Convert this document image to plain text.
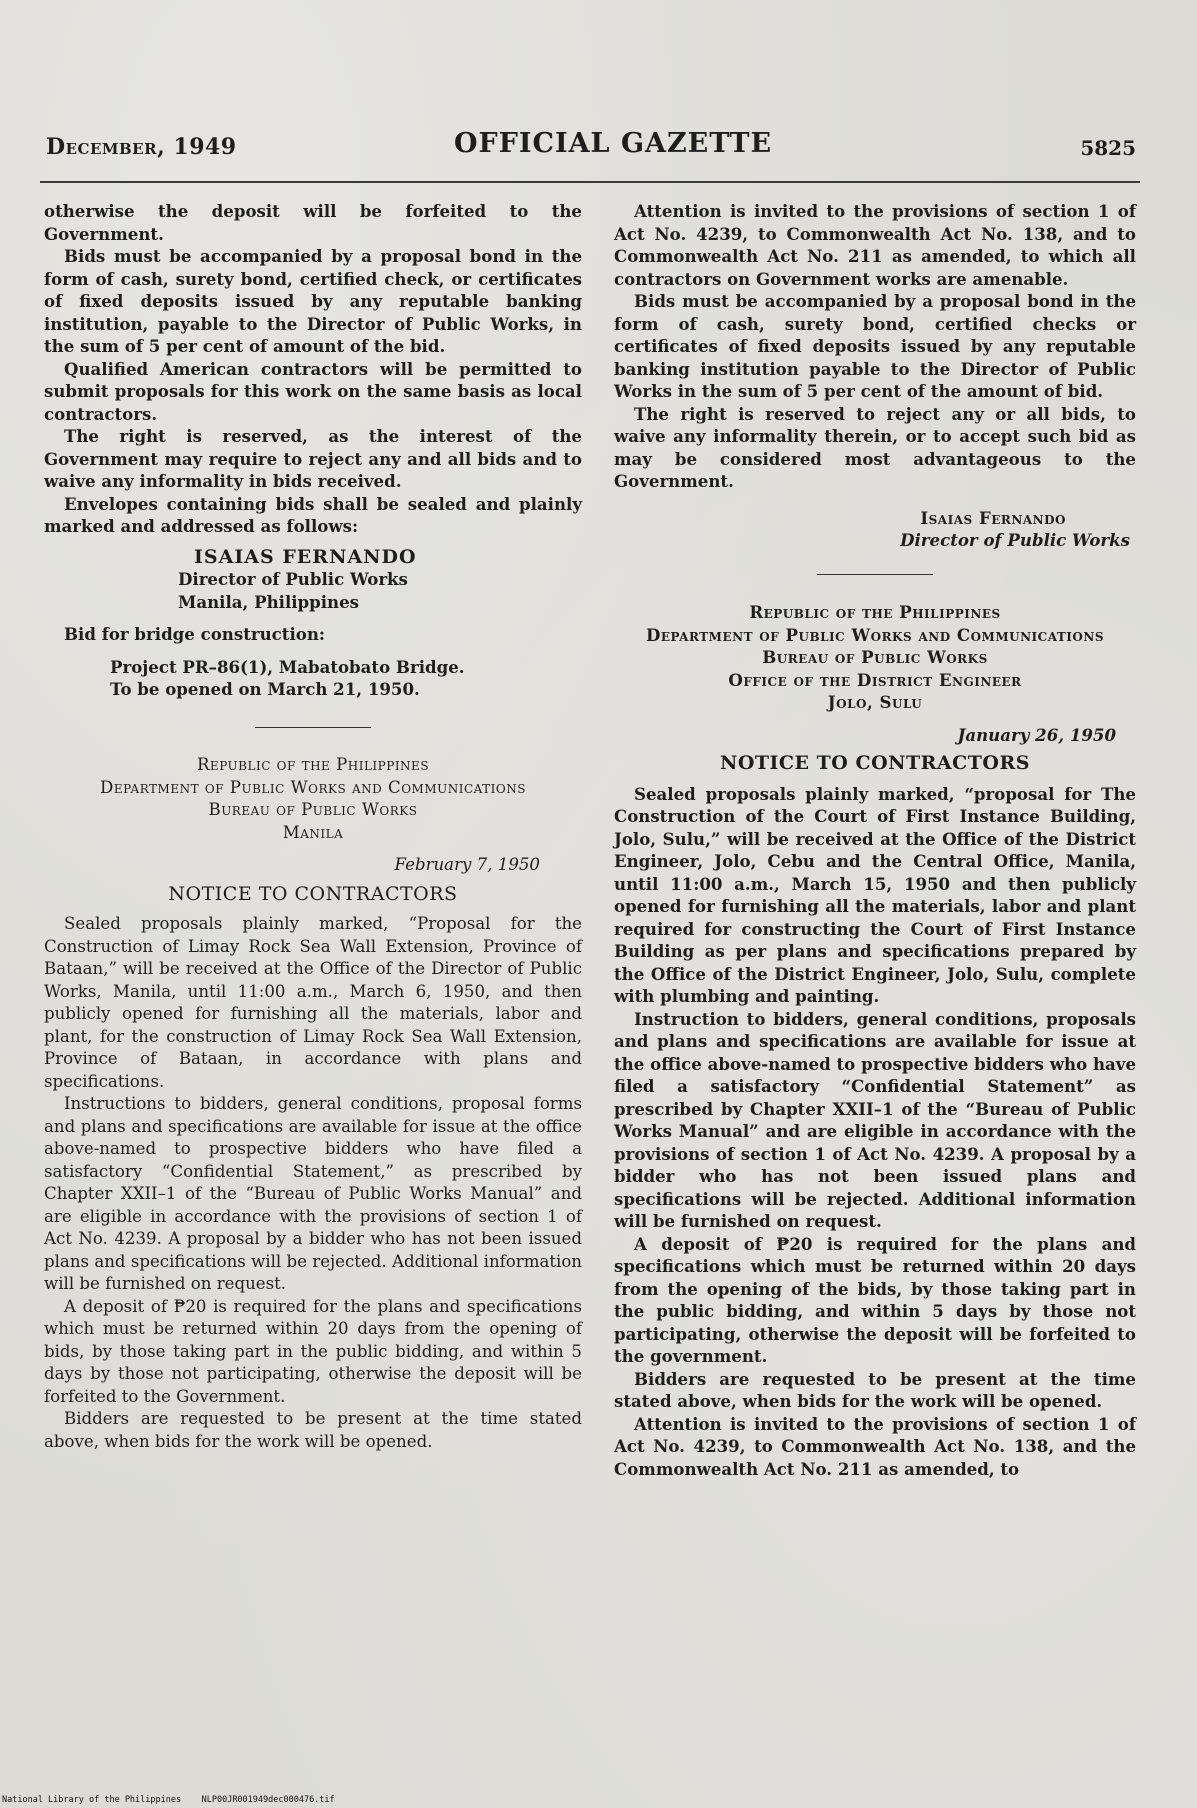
December, 1949	OFFICIAL GAZETTE	5825

otherwise the deposit will be forfeited to the Government.

Bids must be accompanied by a proposal bond in the form of cash, surety bond, certified check, or certificates of fixed deposits issued by any reputable banking institution, payable to the Director of Public Works, in the sum of 5 per cent of amount of the bid.

Qualified American contractors will be permitted to submit proposals for this work on the same basis as local contractors.

The right is reserved, as the interest of the Government may require to reject any and all bids and to waive any informality in bids received.

Envelopes containing bids shall be sealed and plainly marked and addressed as follows:

ISAIAS FERNANDO
Director of Public Works
Manila, Philippines

Bid for bridge construction:

Project PR–86(1), Mabatobato Bridge.

To be opened on March 21, 1950.

Republic of the Philippines
Department of Public Works and Communications
Bureau of Public Works
Manila
February 7, 1950
NOTICE TO CONTRACTORS

Sealed proposals plainly marked, “Proposal for the Construction of Limay Rock Sea Wall Extension, Province of Bataan,” will be received at the Office of the Director of Public Works, Manila, until 11:00 a.m., March 6, 1950, and then publicly opened for furnishing all the materials, labor and plant, for the construction of Limay Rock Sea Wall Extension, Province of Bataan, in accordance with plans and specifications.

Instructions to bidders, general conditions, proposal forms and plans and specifications are available for issue at the office above-named to prospective bidders who have filed a satisfactory “Confidential Statement,” as prescribed by Chapter XXII–1 of the “Bureau of Public Works Manual” and are eligible in accordance with the provisions of section 1 of Act No. 4239. A proposal by a bidder who has not been issued plans and specifications will be rejected. Additional information will be furnished on request.

A deposit of ₱20 is required for the plans and specifications which must be returned within 20 days from the opening of bids, by those taking part in the public bidding, and within 5 days by those not participating, otherwise the deposit will be forfeited to the Government.

Bidders are requested to be present at the time stated above, when bids for the work will be opened.

Attention is invited to the provisions of section 1 of Act No. 4239, to Commonwealth Act No. 138, and to Commonwealth Act No. 211 as amended, to which all contractors on Government works are amenable.

Bids must be accompanied by a proposal bond in the form of cash, surety bond, certified checks or certificates of fixed deposits issued by any reputable banking institution payable to the Director of Public Works in the sum of 5 per cent of the amount of bid.

The right is reserved to reject any or all bids, to waive any informality therein, or to accept such bid as may be considered most advantageous to the Government.

Isaias Fernando
Director of Public Works
Republic of the Philippines
Department of Public Works and Communications
Bureau of Public Works
Office of the District Engineer
Jolo, Sulu
January 26, 1950
NOTICE TO CONTRACTORS

Sealed proposals plainly marked, “proposal for The Construction of the Court of First Instance Building, Jolo, Sulu,” will be received at the Office of the District Engineer, Jolo, Cebu and the Central Office, Manila, until 11:00 a.m., March 15, 1950 and then publicly opened for furnishing all the materials, labor and plant required for constructing the Court of First Instance Building as per plans and specifications prepared by the Office of the District Engineer, Jolo, Sulu, complete with plumbing and painting.

Instruction to bidders, general conditions, proposals and plans and specifications are available for issue at the office above-named to prospective bidders who have filed a satisfactory “Confidential Statement” as prescribed by Chapter XXII–1 of the “Bureau of Public Works Manual” and are eligible in accordance with the provisions of section 1 of Act No. 4239. A proposal by a bidder who has not been issued plans and specifications will be rejected. Additional information will be furnished on request.

A deposit of ₱20 is required for the plans and specifications which must be returned within 20 days from the opening of the bids, by those taking part in the public bidding, and within 5 days by those not participating, otherwise the deposit will be forfeited to the government.

Bidders are requested to be present at the time stated above, when bids for the work will be opened.

Attention is invited to the provisions of section 1 of Act No. 4239, to Commonwealth Act No. 138, and the Commonwealth Act No. 211 as amended, to

National Library of the Philippines NLP00JR001949dec000476.tif
